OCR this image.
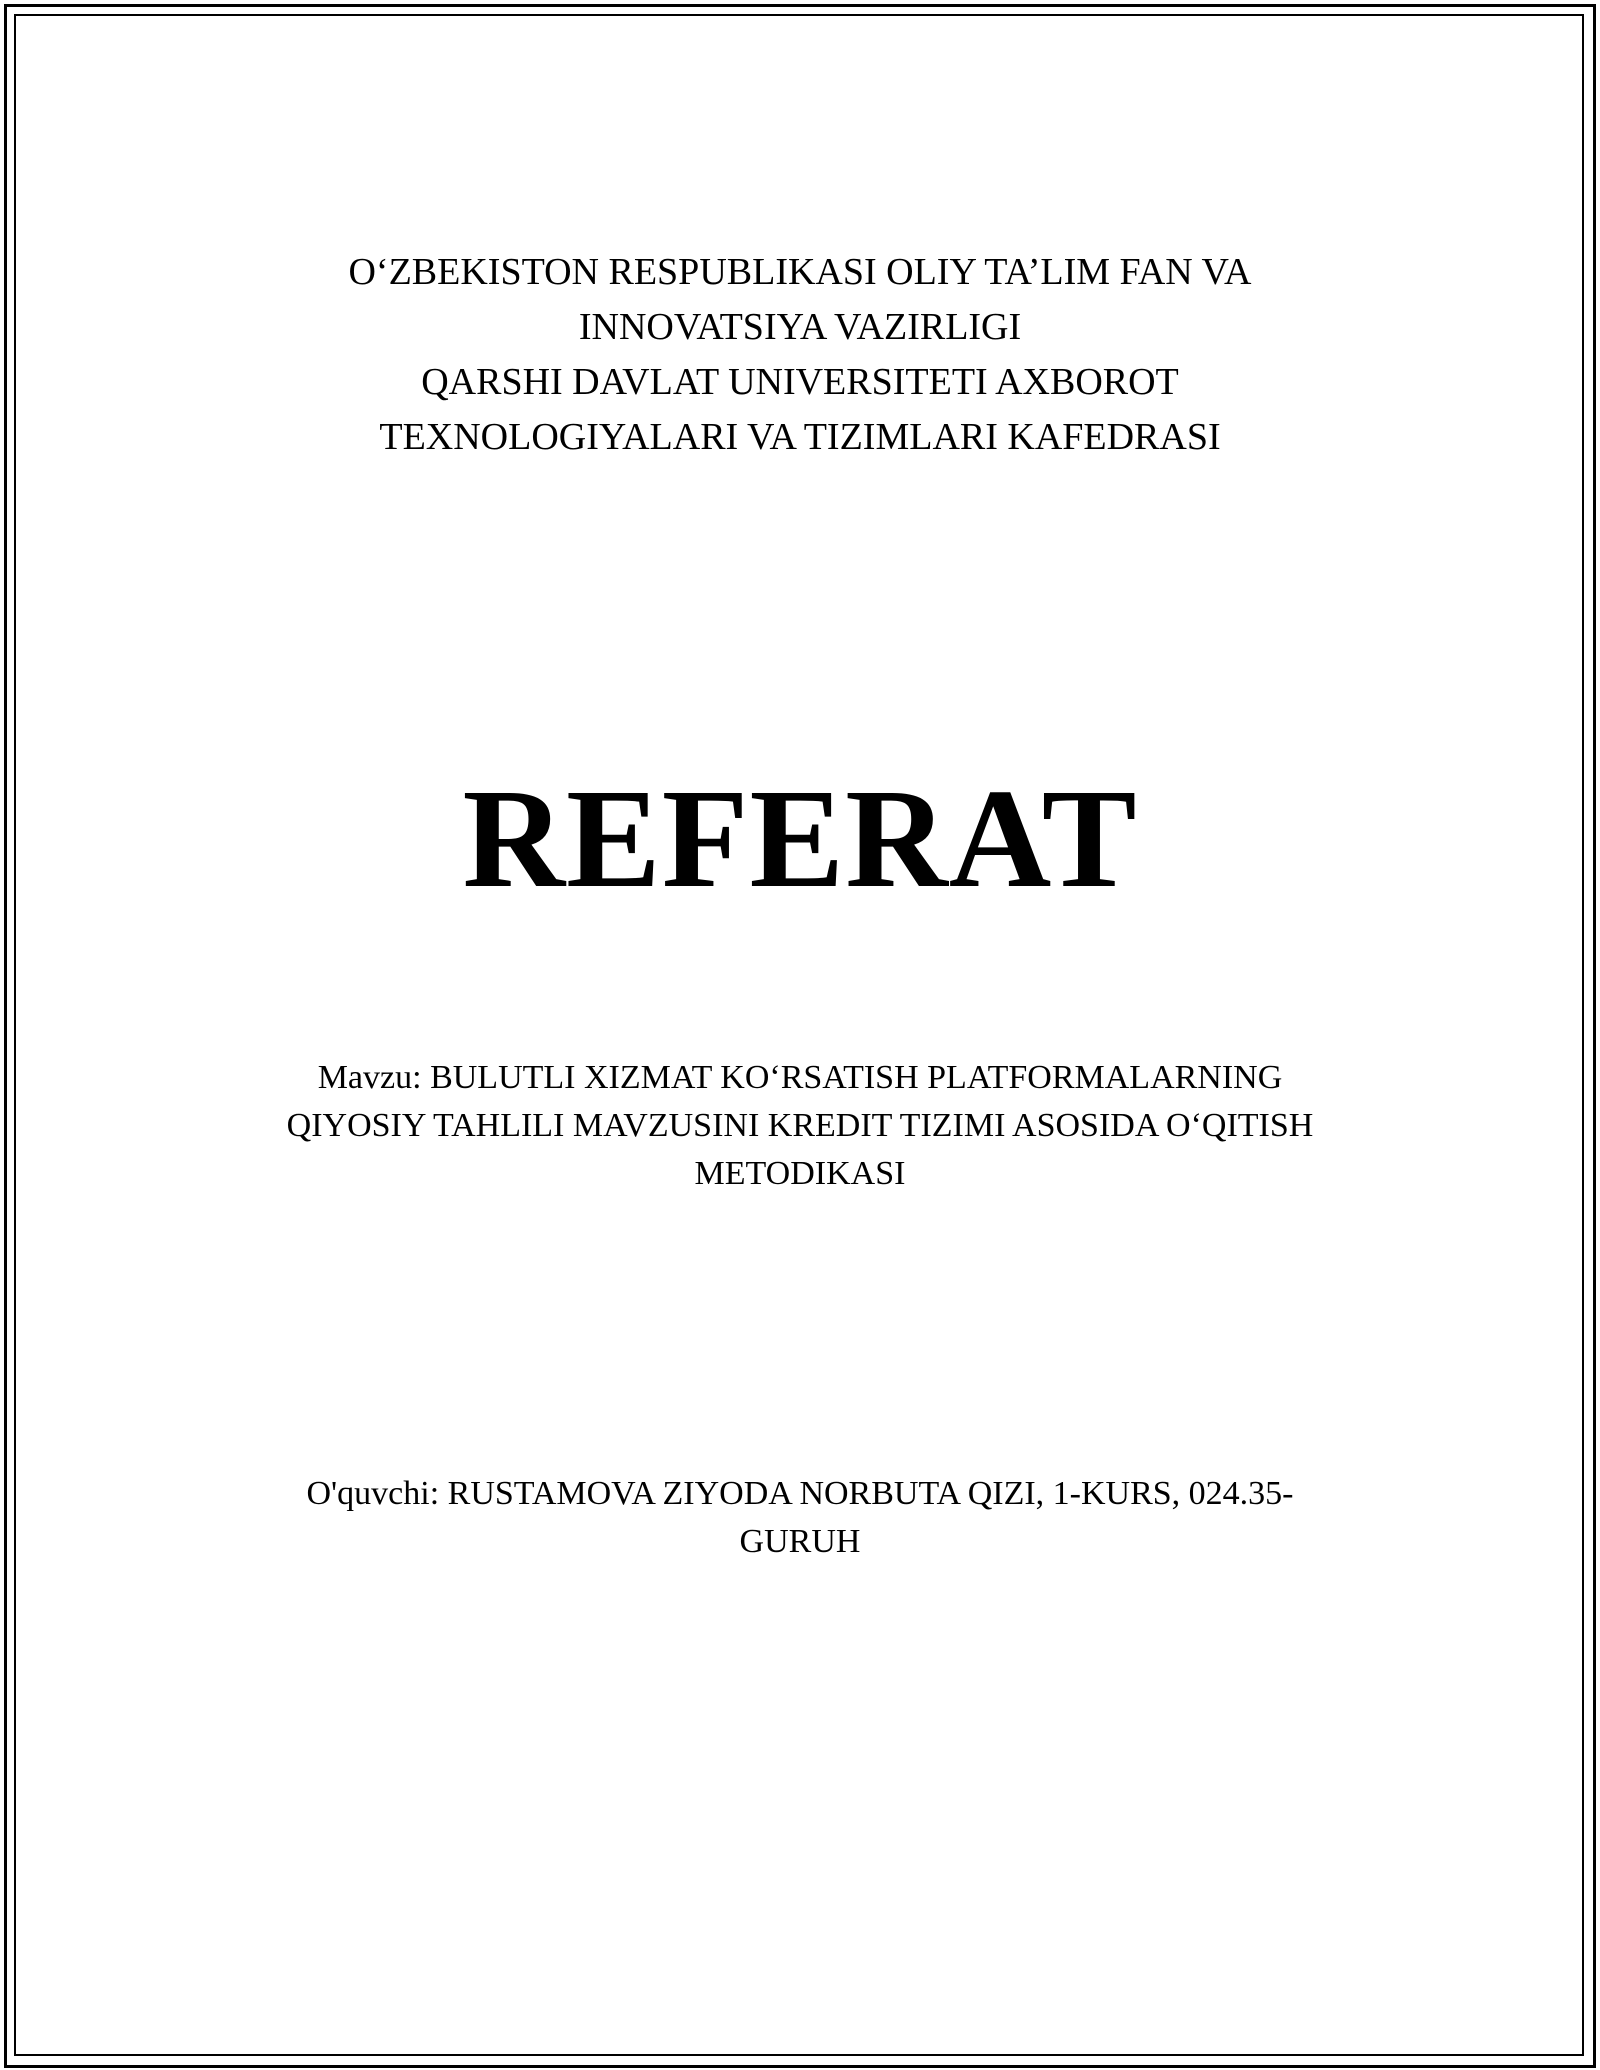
O‘ZBEKISTON RESPUBLIKASI OLIY TA’LIM FAN VA
INNOVATSIYA VAZIRLIGI
QARSHI DAVLAT UNIVERSITETI AXBOROT
TEXNOLOGIYALARI VA TIZIMLARI KAFEDRASI
REFERAT
Mavzu: BULUTLI XIZMAT KO‘RSATISH PLATFORMALARNING
QIYOSIY TAHLILI MAVZUSINI KREDIT TIZIMI ASOSIDA O‘QITISH
METODIKASI
O'quvchi: RUSTAMOVA ZIYODA NORBUTA QIZI, 1-KURS, 024.35-
GURUH
